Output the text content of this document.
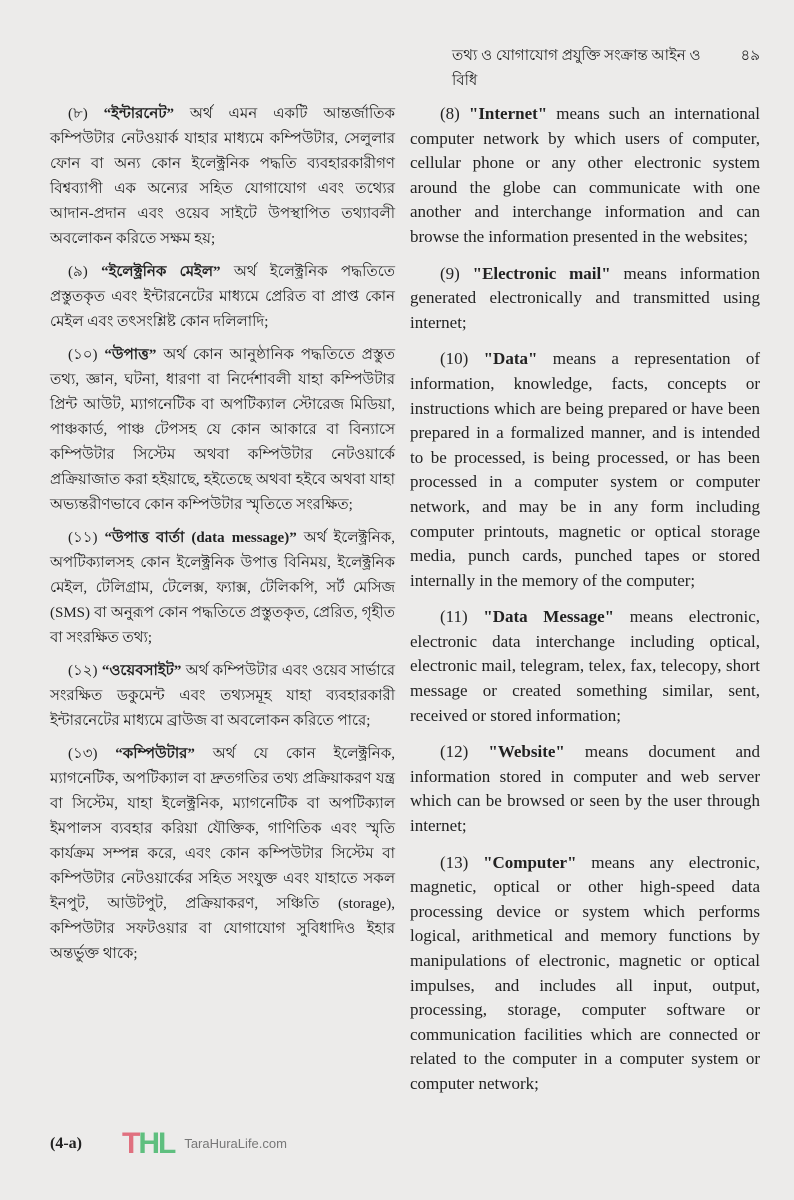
তথ্য ও যোগাযোগ প্রযুক্তি সংক্রান্ত আইন ও বিধি
৪৯

(৮) “ইন্টারনেট” অর্থ এমন একটি আন্তর্জাতিক কম্পিউটার নেটওয়ার্ক যাহার মাধ্যমে কম্পিউটার, সেলুলার ফোন বা অন্য কোন ইলেক্ট্রনিক পদ্ধতি ব্যবহারকারীগণ বিশ্বব্যাপী এক অন্যের সহিত যোগাযোগ এবং তথ্যের আদান-প্রদান এবং ওয়েব সাইটে উপস্থাপিত তথ্যাবলী অবলোকন করিতে সক্ষম হয়;

(৯) “ইলেক্ট্রনিক মেইল” অর্থ ইলেক্ট্রনিক পদ্ধতিতে প্রস্তুতকৃত এবং ইন্টারনেটের মাধ্যমে প্রেরিত বা প্রাপ্ত কোন মেইল এবং তৎসংশ্লিষ্ট কোন দলিলাদি;

(১০) “উপাত্ত” অর্থ কোন আনুষ্ঠানিক পদ্ধতিতে প্রস্তুত তথ্য, জ্ঞান, ঘটনা, ধারণা বা নির্দেশাবলী যাহা কম্পিউটার প্রিন্ট আউট, ম্যাগনেটিক বা অপটিক্যাল স্টোরেজ মিডিয়া, পাঞ্চকার্ড, পাঞ্চ টেপসহ যে কোন আকারে বা বিন্যাসে কম্পিউটার সিস্টেম অথবা কম্পিউটার নেটওয়ার্কে প্রক্রিয়াজাত করা হইয়াছে, হইতেছে অথবা হইবে অথবা যাহা অভ্যন্তরীণভাবে কোন কম্পিউটার স্মৃতিতে সংরক্ষিত;

(১১) “উপাত্ত বার্তা (data message)” অর্থ ইলেক্ট্রনিক, অপটিক্যালসহ কোন ইলেক্ট্রনিক উপাত্ত বিনিময়, ইলেক্ট্রনিক মেইল, টেলিগ্রাম, টেলেক্স, ফ্যাক্স, টেলিকপি, সর্ট মেসিজ (SMS) বা অনুরূপ কোন পদ্ধতিতে প্রস্তুতকৃত, প্রেরিত, গৃহীত বা সংরক্ষিত তথ্য;

(১২) “ওয়েবসাইট” অর্থ কম্পিউটার এবং ওয়েব সার্ভারে সংরক্ষিত ডকুমেন্ট এবং তথ্যসমূহ যাহা ব্যবহারকারী ইন্টারনেটের মাধ্যমে ব্রাউজ বা অবলোকন করিতে পারে;

(১৩) “কম্পিউটার” অর্থ যে কোন ইলেক্ট্রনিক, ম্যাগনেটিক, অপটিক্যাল বা দ্রুতগতির তথ্য প্রক্রিয়াকরণ যন্ত্র বা সিস্টেম, যাহা ইলেক্ট্রনিক, ম্যাগনেটিক বা অপটিক্যাল ইমপালস ব্যবহার করিয়া যৌক্তিক, গাণিতিক এবং স্মৃতি কার্যক্রম সম্পন্ন করে, এবং কোন কম্পিউটার সিস্টেম বা কম্পিউটার নেটওয়ার্কের সহিত সংযুক্ত এবং যাহাতে সকল ইনপুট, আউটপুট, প্রক্রিয়াকরণ, সঞ্চিতি (storage), কম্পিউটার সফটওয়ার বা যোগাযোগ সুবিধাদিও ইহার অন্তর্ভুক্ত থাকে;

(8) "Internet" means such an international computer network by which users of computer, cellular phone or any other electronic system around the globe can communicate with one another and interchange information and can browse the information presented in the websites;

(9) "Electronic mail" means information generated electronically and transmitted using internet;

(10) "Data" means a representation of information, knowledge, facts, concepts or instructions which are being prepared or have been prepared in a formalized manner, and is intended to be processed, is being processed, or has been processed in a computer system or computer network, and may be in any form including computer printouts, magnetic or optical storage media, punch cards, punched tapes or stored internally in the memory of the computer;

(11) "Data Message" means electronic, electronic data interchange including optical, electronic mail, telegram, telex, fax, telecopy, short message or created something similar, sent, received or stored information;

(12) "Website" means document and information stored in computer and web server which can be browsed or seen by the user through internet;

(13) "Computer" means any electronic, magnetic, optical or other high-speed data processing device or system which performs logical, arithmetical and memory functions by manipulations of electronic, magnetic or optical impulses, and includes all input, output, processing, storage, computer software or communication facilities which are connected or related to the computer in a computer system or computer network;

(4-a) THL TaraHuraLife.com
